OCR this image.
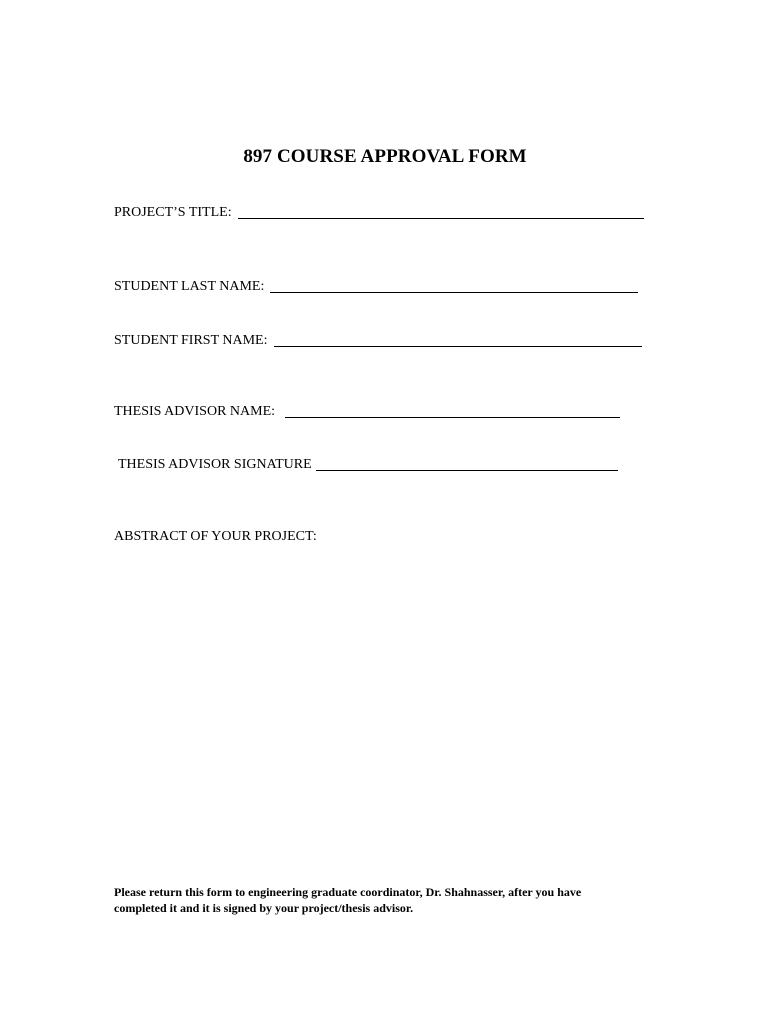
897 COURSE APPROVAL FORM
PROJECT’S TITLE:
STUDENT LAST NAME:
STUDENT FIRST NAME:
THESIS ADVISOR NAME:
THESIS ADVISOR SIGNATURE
ABSTRACT OF YOUR PROJECT:
Please return this form to engineering graduate coordinator, Dr. Shahnasser, after you have completed it and it is signed by your project/thesis advisor.
